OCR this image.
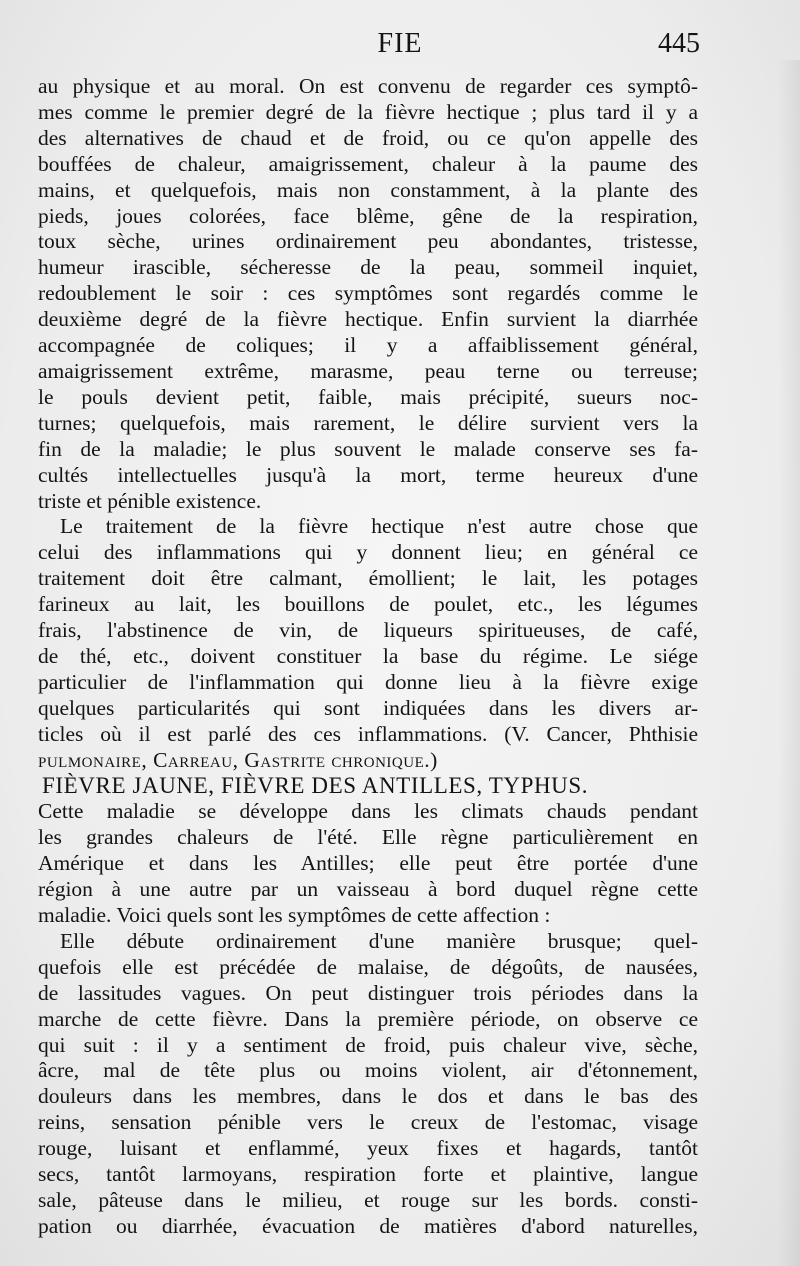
FIE	445

au physique et au moral. On est convenu de regarder ces symptô-
mes comme le premier degré de la fièvre hectique ; plus tard il y a
des alternatives de chaud et de froid, ou ce qu'on appelle des
bouffées de chaleur, amaigrissement, chaleur à la paume des
mains, et quelquefois, mais non constamment, à la plante des
pieds, joues colorées, face blême, gêne de la respiration,
toux sèche, urines ordinairement peu abondantes, tristesse,
humeur irascible, sécheresse de la peau, sommeil inquiet,
redoublement le soir : ces symptômes sont regardés comme le
deuxième degré de la fièvre hectique. Enfin survient la diarrhée
accompagnée de coliques; il y a affaiblissement général,
amaigrissement extrême, marasme, peau terne ou terreuse;
le pouls devient petit, faible, mais précipité, sueurs noc-
turnes; quelquefois, mais rarement, le délire survient vers la
fin de la maladie; le plus souvent le malade conserve ses fa-
cultés intellectuelles jusqu'à la mort, terme heureux d'une
triste et pénible existence.

Le traitement de la fièvre hectique n'est autre chose que
celui des inflammations qui y donnent lieu; en général ce
traitement doit être calmant, émollient; le lait, les potages
farineux au lait, les bouillons de poulet, etc., les légumes
frais, l'abstinence de vin, de liqueurs spiritueuses, de café,
de thé, etc., doivent constituer la base du régime. Le siége
particulier de l'inflammation qui donne lieu à la fièvre exige
quelques particularités qui sont indiquées dans les divers ar-
ticles où il est parlé des ces inflammations. (V. Cancer, Phthisie
pulmonaire, Carreau, Gastrite chronique.)

FIÈVRE JAUNE, FIÈVRE DES ANTILLES, TYPHUS.

Cette maladie se développe dans les climats chauds pendant
les grandes chaleurs de l'été. Elle règne particulièrement en
Amérique et dans les Antilles; elle peut être portée d'une
région à une autre par un vaisseau à bord duquel règne cette
maladie. Voici quels sont les symptômes de cette affection :

Elle débute ordinairement d'une manière brusque; quel-
quefois elle est précédée de malaise, de dégoûts, de nausées,
de lassitudes vagues. On peut distinguer trois périodes dans la
marche de cette fièvre. Dans la première période, on observe ce
qui suit : il y a sentiment de froid, puis chaleur vive, sèche,
âcre, mal de tête plus ou moins violent, air d'étonnement,
douleurs dans les membres, dans le dos et dans le bas des
reins, sensation pénible vers le creux de l'estomac, visage
rouge, luisant et enflammé, yeux fixes et hagards, tantôt
secs, tantôt larmoyans, respiration forte et plaintive, langue
sale, pâteuse dans le milieu, et rouge sur les bords. consti-
pation ou diarrhée, évacuation de matières d'abord naturelles,
